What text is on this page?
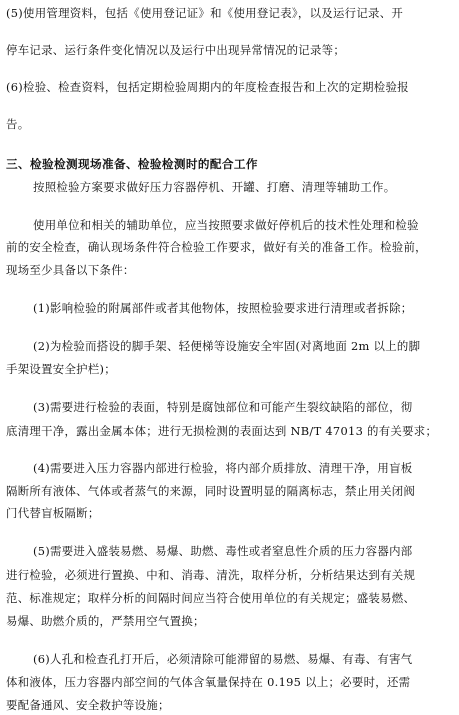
(5)使用管理资料，包括《使用登记证》和《使用登记表》，以及运行记录、开
停车记录、运行条件变化情况以及运行中出现异常情况的记录等；
(6)检验、检查资料，包括定期检验周期内的年度检查报告和上次的定期检验报
告。
三、检验检测现场准备、检验检测时的配合工作
按照检验方案要求做好压力容器停机、开罐、打磨、清理等辅助工作。
使用单位和相关的辅助单位，应当按照要求做好停机后的技术性处理和检验
前的安全检查，确认现场条件符合检验工作要求，做好有关的准备工作。检验前，
现场至少具备以下条件：
(1)影响检验的附属部件或者其他物体，按照检验要求进行清理或者拆除；
(2)为检验而搭设的脚手架、轻便梯等设施安全牢固(对离地面 2m 以上的脚
手架设置安全护栏)；
(3)需要进行检验的表面，特别是腐蚀部位和可能产生裂纹缺陷的部位，彻
底清理干净，露出金属本体；进行无损检测的表面达到 NB/T 47013 的有关要求；
(4)需要进入压力容器内部进行检验，将内部介质排放、清理干净，用盲板
隔断所有液体、气体或者蒸气的来源，同时设置明显的隔离标志，禁止用关闭阀
门代替盲板隔断；
(5)需要进入盛装易燃、易爆、助燃、毒性或者窒息性介质的压力容器内部
进行检验，必须进行置换、中和、消毒、清洗，取样分析，分析结果达到有关规
范、标准规定；取样分析的间隔时间应当符合使用单位的有关规定；盛装易燃、
易爆、助燃介质的，严禁用空气置换；
(6)人孔和检查孔打开后，必须清除可能滞留的易燃、易爆、有毒、有害气
体和液体，压力容器内部空间的气体含氧量保持在 0.195 以上；必要时，还需
要配备通风、安全救护等设施；
